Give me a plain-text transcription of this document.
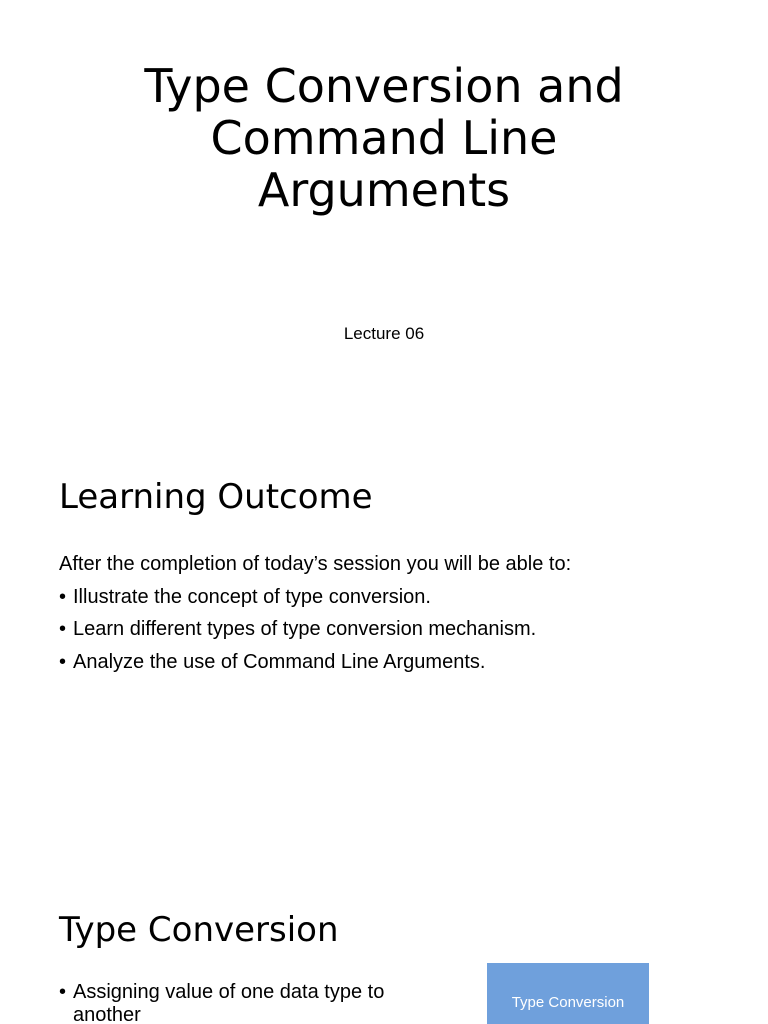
Type Conversion and
Command Line
Arguments
Lecture 06
Learning Outcome
After the completion of today’s session you will be able to:
• Illustrate the concept of type conversion.
• Learn different types of type conversion mechanism.
• Analyze the use of Command Line Arguments.
Type Conversion
• Assigning value of one data type to another
Type Conversion
